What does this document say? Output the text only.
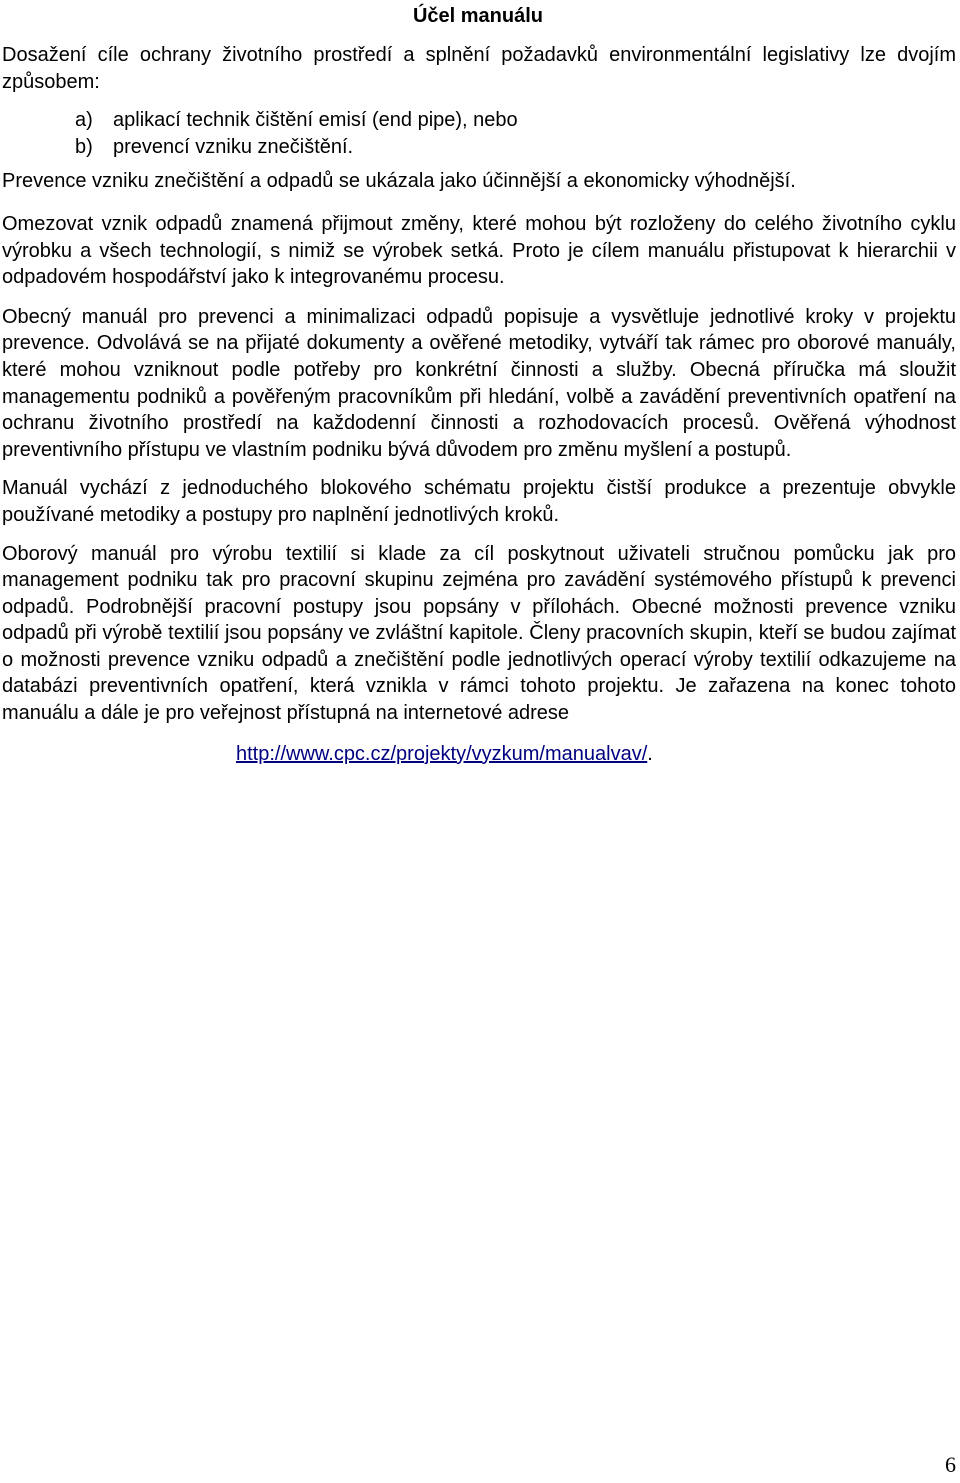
Účel manuálu

Dosažení cíle ochrany životního prostředí a splnění požadavků environmentální legislativy lze dvojím způsobem:

a) aplikací technik čištění emisí (end pipe), nebo
b) prevencí vzniku znečištění.

Prevence vzniku znečištění a odpadů se ukázala jako účinnější a ekonomicky výhodnější.

Omezovat vznik odpadů znamená přijmout změny, které mohou být rozloženy do celého životního cyklu výrobku a všech technologií, s nimiž se výrobek setká. Proto je cílem manuálu přistupovat k hierarchii v odpadovém hospodářství jako k integrovanému procesu.

Obecný manuál pro prevenci a minimalizaci odpadů popisuje a vysvětluje jednotlivé kroky v projektu prevence. Odvolává se na přijaté dokumenty a ověřené metodiky, vytváří tak rámec pro oborové manuály, které mohou vzniknout podle potřeby pro konkrétní činnosti a služby. Obecná příručka má sloužit managementu podniků a pověřeným pracovníkům při hledání, volbě a zavádění preventivních opatření na ochranu životního prostředí na každodenní činnosti a rozhodovacích procesů. Ověřená výhodnost preventivního přístupu ve vlastním podniku bývá důvodem pro změnu myšlení a postupů.

Manuál vychází z jednoduchého blokového schématu projektu čistší produkce a prezentuje obvykle používané metodiky a postupy pro naplnění jednotlivých kroků.

Oborový manuál pro výrobu textilií si klade za cíl poskytnout uživateli stručnou pomůcku jak pro management podniku tak pro pracovní skupinu zejména pro zavádění systémového přístupů k prevenci odpadů. Podrobnější pracovní postupy jsou popsány v přílohách. Obecné možnosti prevence vzniku odpadů při výrobě textilií jsou popsány ve zvláštní kapitole. Členy pracovních skupin, kteří se budou zajímat o možnosti prevence vzniku odpadů a znečištění podle jednotlivých operací výroby textilií odkazujeme na databázi preventivních opatření, která vznikla v rámci tohoto projektu. Je zařazena na konec tohoto manuálu a dále je pro veřejnost přístupná na internetové adrese

http://www.cpc.cz/projekty/vyzkum/manualvav/.
6
